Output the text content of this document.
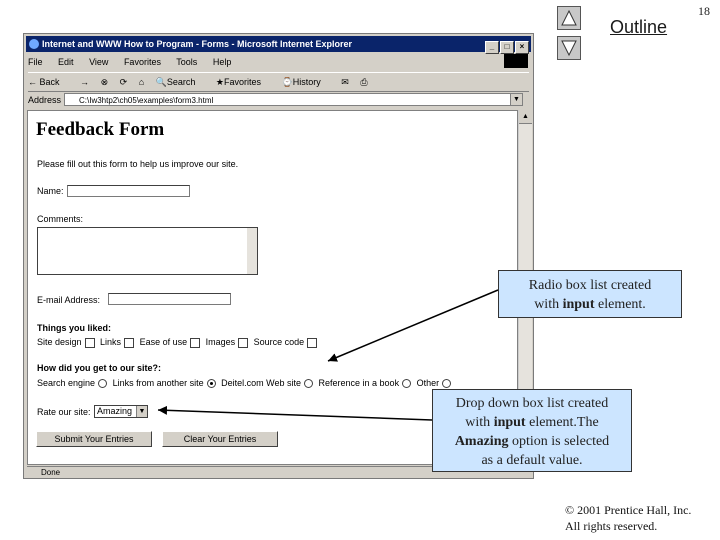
Outline
18
Internet and WWW How to Program - Forms - Microsoft Internet Explorer	_ □ ×
File Edit View Favorites Tools Help
← Back → ⊗ ⟳ ⌂ 🔍Search ★Favorites ⌚History ✉ ⎙
Address	C:\Iw3htp2\ch05\examples\form3.html	▼
Feedback Form
Please fill out this form to help us improve our site.
Name:
Comments:
E-mail Address:
Things you liked:
Site design Links Ease of use Images Source code
How did you get to our site?:
Search engine Links from another site Deitel.com Web site Reference in a book Other
Rate our site: Amazing ▼
Submit Your Entries	Clear Your Entries
▲
Done
Radio box list created
with input element.
Drop down box list created
with input element.The
Amazing option is selected
as a default value.
© 2001 Prentice Hall, Inc.
All rights reserved.
